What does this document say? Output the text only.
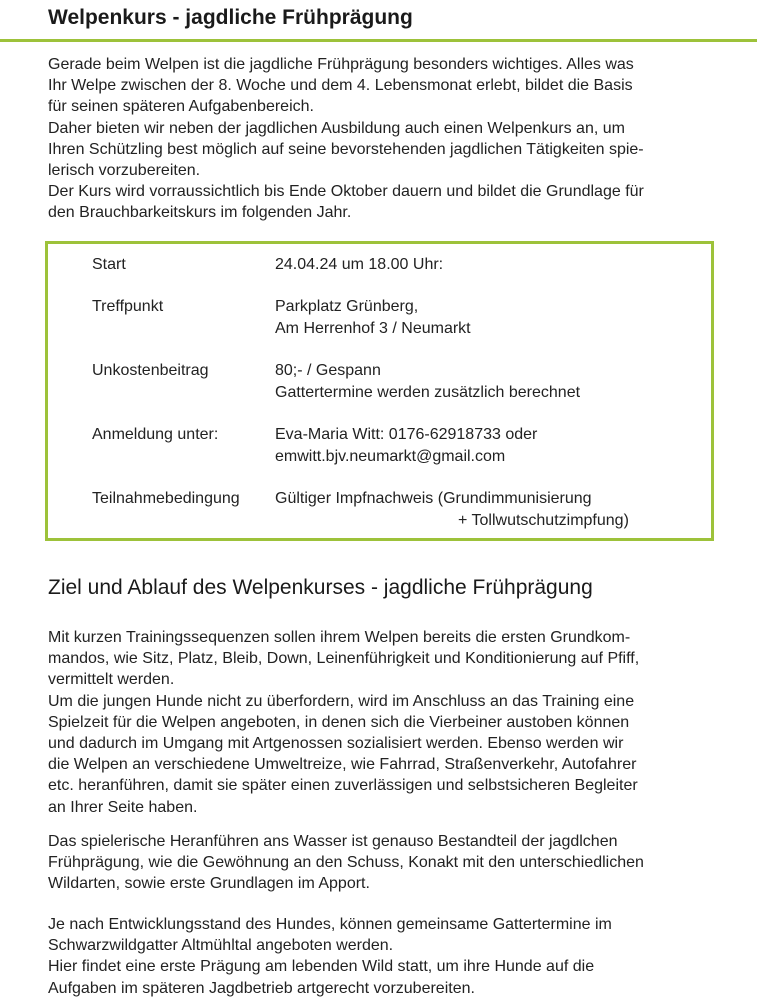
Welpenkurs - jagdliche Frühprägung
Gerade beim Welpen ist die jagdliche Frühprägung besonders wichtiges. Alles was
Ihr Welpe zwischen der 8. Woche und dem 4. Lebensmonat erlebt, bildet die Basis
für seinen späteren Aufgabenbereich.
Daher bieten wir neben der jagdlichen Ausbildung auch einen Welpenkurs an, um
Ihren Schützling best möglich auf seine bevorstehenden jagdlichen Tätigkeiten spie-
lerisch vorzubereiten.
Der Kurs wird vorraussichtlich bis Ende Oktober dauern und bildet die Grundlage für
den Brauchbarkeitskurs im folgenden Jahr.
Start	24.04.24 um 18.00 Uhr:
Treffpunkt	Parkplatz Grünberg,
Am Herrenhof 3 / Neumarkt
Unkostenbeitrag	80;- / Gespann
Gattertermine werden zusätzlich berechnet
Anmeldung unter:	Eva-Maria Witt: 0176-62918733 oder
emwitt.bjv.neumarkt@gmail.com
Teilnahmebedingung Gültiger Impfnachweis (Grundimmunisierung
+ Tollwutschutzimpfung)
Ziel und Ablauf des Welpenkurses - jagdliche Frühprägung
Mit kurzen Trainingssequenzen sollen ihrem Welpen bereits die ersten Grundkom-
mandos, wie Sitz, Platz, Bleib, Down, Leinenführigkeit und Konditionierung auf Pfiff,
vermittelt werden.
Um die jungen Hunde nicht zu überfordern, wird im Anschluss an das Training eine
Spielzeit für die Welpen angeboten, in denen sich die Vierbeiner austoben können
und dadurch im Umgang mit Artgenossen sozialisiert werden. Ebenso werden wir
die Welpen an verschiedene Umweltreize, wie Fahrrad, Straßenverkehr, Autofahrer
etc. heranführen, damit sie später einen zuverlässigen und selbstsicheren Begleiter
an Ihrer Seite haben.
Das spielerische Heranführen ans Wasser ist genauso Bestandteil der jagdlchen
Frühprägung, wie die Gewöhnung an den Schuss, Konakt mit den unterschiedlichen
Wildarten, sowie erste Grundlagen im Apport.
Je nach Entwicklungsstand des Hundes, können gemeinsame Gattertermine im
Schwarzwildgatter Altmühltal angeboten werden.
Hier findet eine erste Prägung am lebenden Wild statt, um ihre Hunde auf die
Aufgaben im späteren Jagdbetrieb artgerecht vorzubereiten.
